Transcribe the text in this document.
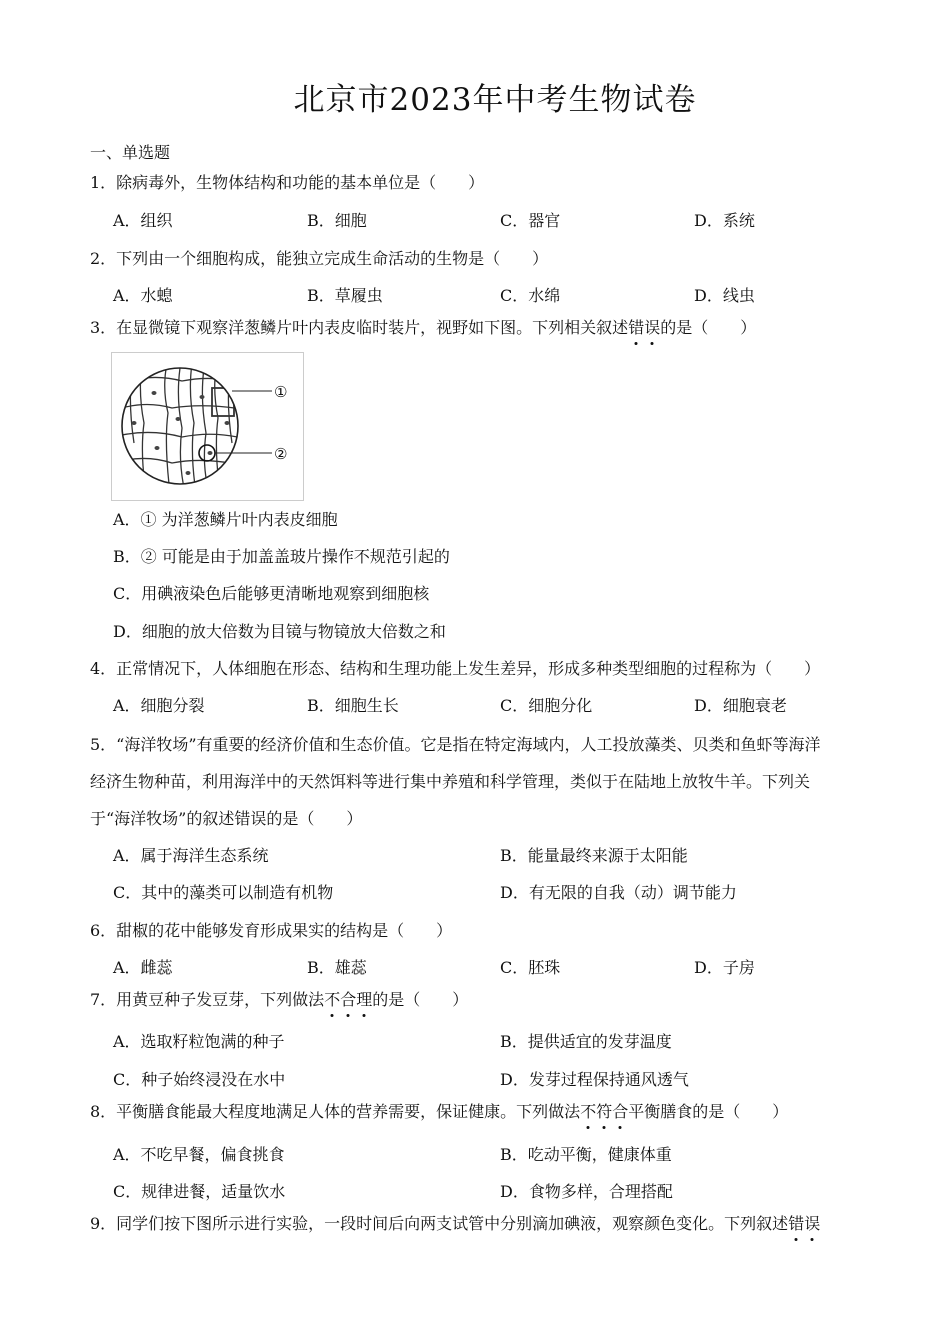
北京市2023年中考生物试卷
一、单选题
1．除病毒外，生物体结构和功能的基本单位是（　　）
A．组织	B．细胞	C．器官	D．系统
2．下列由一个细胞构成，能独立完成生命活动的生物是（　　）
A．水螅	B．草履虫	C．水绵	D．线虫
3．在显微镜下观察洋葱鳞片叶内表皮临时装片，视野如下图。下列相关叙述错误的是（　　）
①
②
A．① 为洋葱鳞片叶内表皮细胞
B．② 可能是由于加盖盖玻片操作不规范引起的
C．用碘液染色后能够更清晰地观察到细胞核
D．细胞的放大倍数为目镜与物镜放大倍数之和
4．正常情况下，人体细胞在形态、结构和生理功能上发生差异，形成多种类型细胞的过程称为（　　）
A．细胞分裂	B．细胞生长	C．细胞分化	D．细胞衰老
5．“海洋牧场”有重要的经济价值和生态价值。它是指在特定海域内，人工投放藻类、贝类和鱼虾等海洋
经济生物种苗，利用海洋中的天然饵料等进行集中养殖和科学管理，类似于在陆地上放牧牛羊。下列关
于“海洋牧场”的叙述错误的是（　　）
A．属于海洋生态系统	B．能量最终来源于太阳能
C．其中的藻类可以制造有机物	D．有无限的自我（动）调节能力
6．甜椒的花中能够发育形成果实的结构是（　　）
A．雌蕊	B．雄蕊	C．胚珠	D．子房
7．用黄豆种子发豆芽，下列做法不合理的是（　　）
A．选取籽粒饱满的种子	B．提供适宜的发芽温度
C．种子始终浸没在水中	D．发芽过程保持通风透气
8．平衡膳食能最大程度地满足人体的营养需要，保证健康。下列做法不符合平衡膳食的是（　　）
A．不吃早餐，偏食挑食	B．吃动平衡，健康体重
C．规律进餐，适量饮水	D．食物多样，合理搭配
9．同学们按下图所示进行实验，一段时间后向两支试管中分别滴加碘液，观察颜色变化。下列叙述错误
